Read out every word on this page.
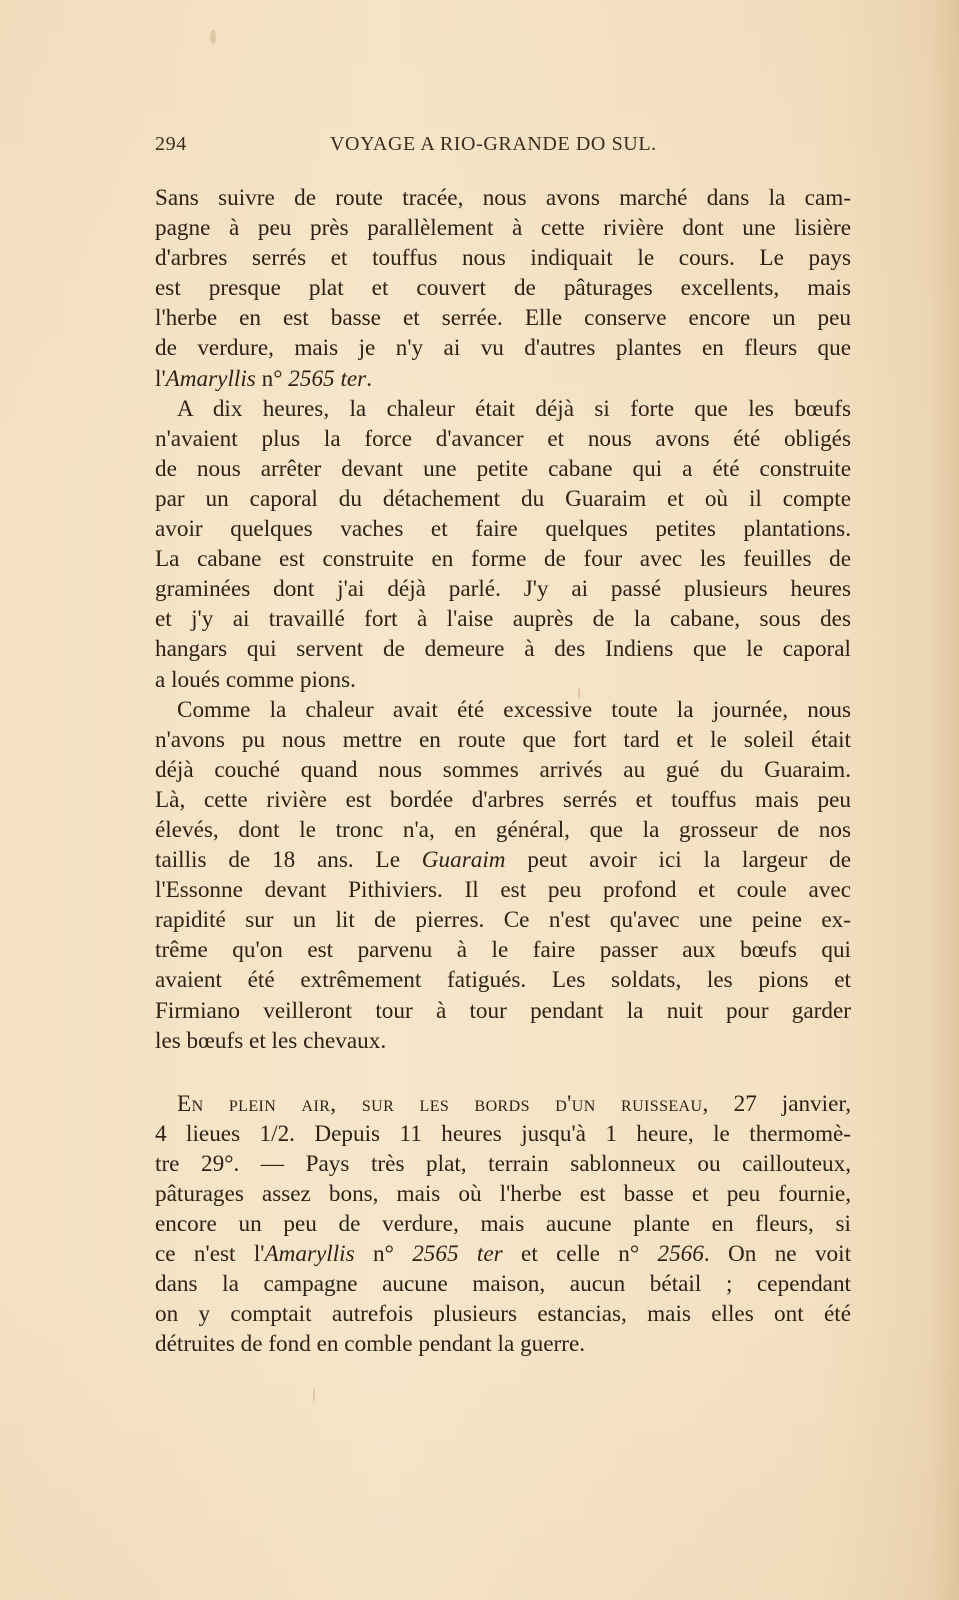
294	VOYAGE A RIO-GRANDE DO SUL.
Sans suivre de route tracée, nous avons marché dans la cam-
pagne à peu près parallèlement à cette rivière dont une lisière
d'arbres serrés et touffus nous indiquait le cours. Le pays
est presque plat et couvert de pâturages excellents, mais
l'herbe en est basse et serrée. Elle conserve encore un peu
de verdure, mais je n'y ai vu d'autres plantes en fleurs que
l'Amaryllis n° 2565 ter.
A dix heures, la chaleur était déjà si forte que les bœufs
n'avaient plus la force d'avancer et nous avons été obligés
de nous arrêter devant une petite cabane qui a été construite
par un caporal du détachement du Guaraim et où il compte
avoir quelques vaches et faire quelques petites plantations.
La cabane est construite en forme de four avec les feuilles de
graminées dont j'ai déjà parlé. J'y ai passé plusieurs heures
et j'y ai travaillé fort à l'aise auprès de la cabane, sous des
hangars qui servent de demeure à des Indiens que le caporal
a loués comme pions.
Comme la chaleur avait été excessive toute la journée, nous
n'avons pu nous mettre en route que fort tard et le soleil était
déjà couché quand nous sommes arrivés au gué du Guaraim.
Là, cette rivière est bordée d'arbres serrés et touffus mais peu
élevés, dont le tronc n'a, en général, que la grosseur de nos
taillis de 18 ans. Le Guaraim peut avoir ici la largeur de
l'Essonne devant Pithiviers. Il est peu profond et coule avec
rapidité sur un lit de pierres. Ce n'est qu'avec une peine ex-
trême qu'on est parvenu à le faire passer aux bœufs qui
avaient été extrêmement fatigués. Les soldats, les pions et
Firmiano veilleront tour à tour pendant la nuit pour garder
les bœufs et les chevaux.
En plein air, sur les bords d'un ruisseau, 27 janvier,
4 lieues 1/2. Depuis 11 heures jusqu'à 1 heure, le thermomè-
tre 29°. — Pays très plat, terrain sablonneux ou caillouteux,
pâturages assez bons, mais où l'herbe est basse et peu fournie,
encore un peu de verdure, mais aucune plante en fleurs, si
ce n'est l'Amaryllis n° 2565 ter et celle n° 2566. On ne voit
dans la campagne aucune maison, aucun bétail ; cependant
on y comptait autrefois plusieurs estancias, mais elles ont été
détruites de fond en comble pendant la guerre.
